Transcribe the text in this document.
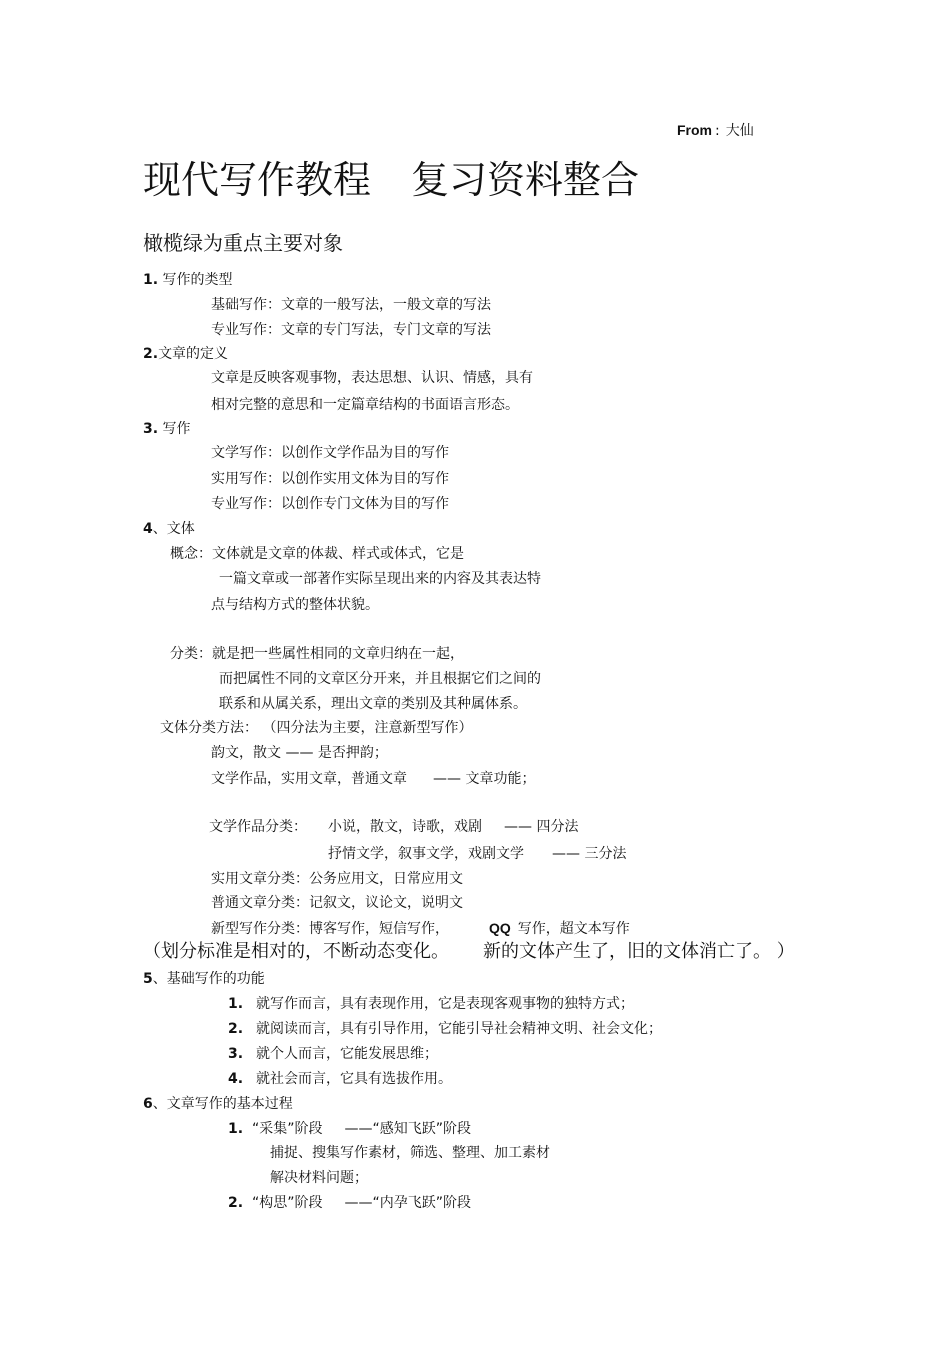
From : 大仙
现代写作教程 复习资料整合
橄榄绿为重点主要对象
1. 写作的类型
基础写作：文章的一般写法，一般文章的写法
专业写作：文章的专门写法，专门文章的写法
2.文章的定义
文章是反映客观事物，表达思想、认识、情感，具有
相对完整的意思和一定篇章结构的书面语言形态。
3. 写作
文学写作：以创作文学作品为目的写作
实用写作：以创作实用文体为目的写作
专业写作：以创作专门文体为目的写作
4、文体
概念：文体就是文章的体裁、样式或体式，它是
一篇文章或一部著作实际呈现出来的内容及其表达特
点与结构方式的整体状貌。
分类：就是把一些属性相同的文章归纳在一起，
而把属性不同的文章区分开来，并且根据它们之间的
联系和从属关系，理出文章的类别及其种属体系。
文体分类方法： （四分法为主要，注意新型写作）
韵文，散文 —— 是否押韵；
文学作品，实用文章，普通文章 —— 文章功能；
文学作品分类： 小说，散文，诗歌，戏剧 —— 四分法
抒情文学，叙事文学，戏剧文学 —— 三分法
实用文章分类：公务应用文，日常应用文
普通文章分类：记叙文，议论文，说明文
新型写作分类：博客写作，短信写作，	QQ 写作，超文本写作
（划分标准是相对的，不断动态变化。 新的文体产生了，旧的文体消亡了。 ）
5、基础写作的功能
1. 就写作而言，具有表现作用，它是表现客观事物的独特方式；
2. 就阅读而言，具有引导作用，它能引导社会精神文明、社会文化；
3. 就个人而言，它能发展思维；
4. 就社会而言，它具有选拔作用。
6、文章写作的基本过程
1. “采集”阶段 ——“感知飞跃”阶段
捕捉、搜集写作素材，筛选、整理、加工素材
解决材料问题；
2. “构思”阶段 ——“内孕飞跃”阶段
